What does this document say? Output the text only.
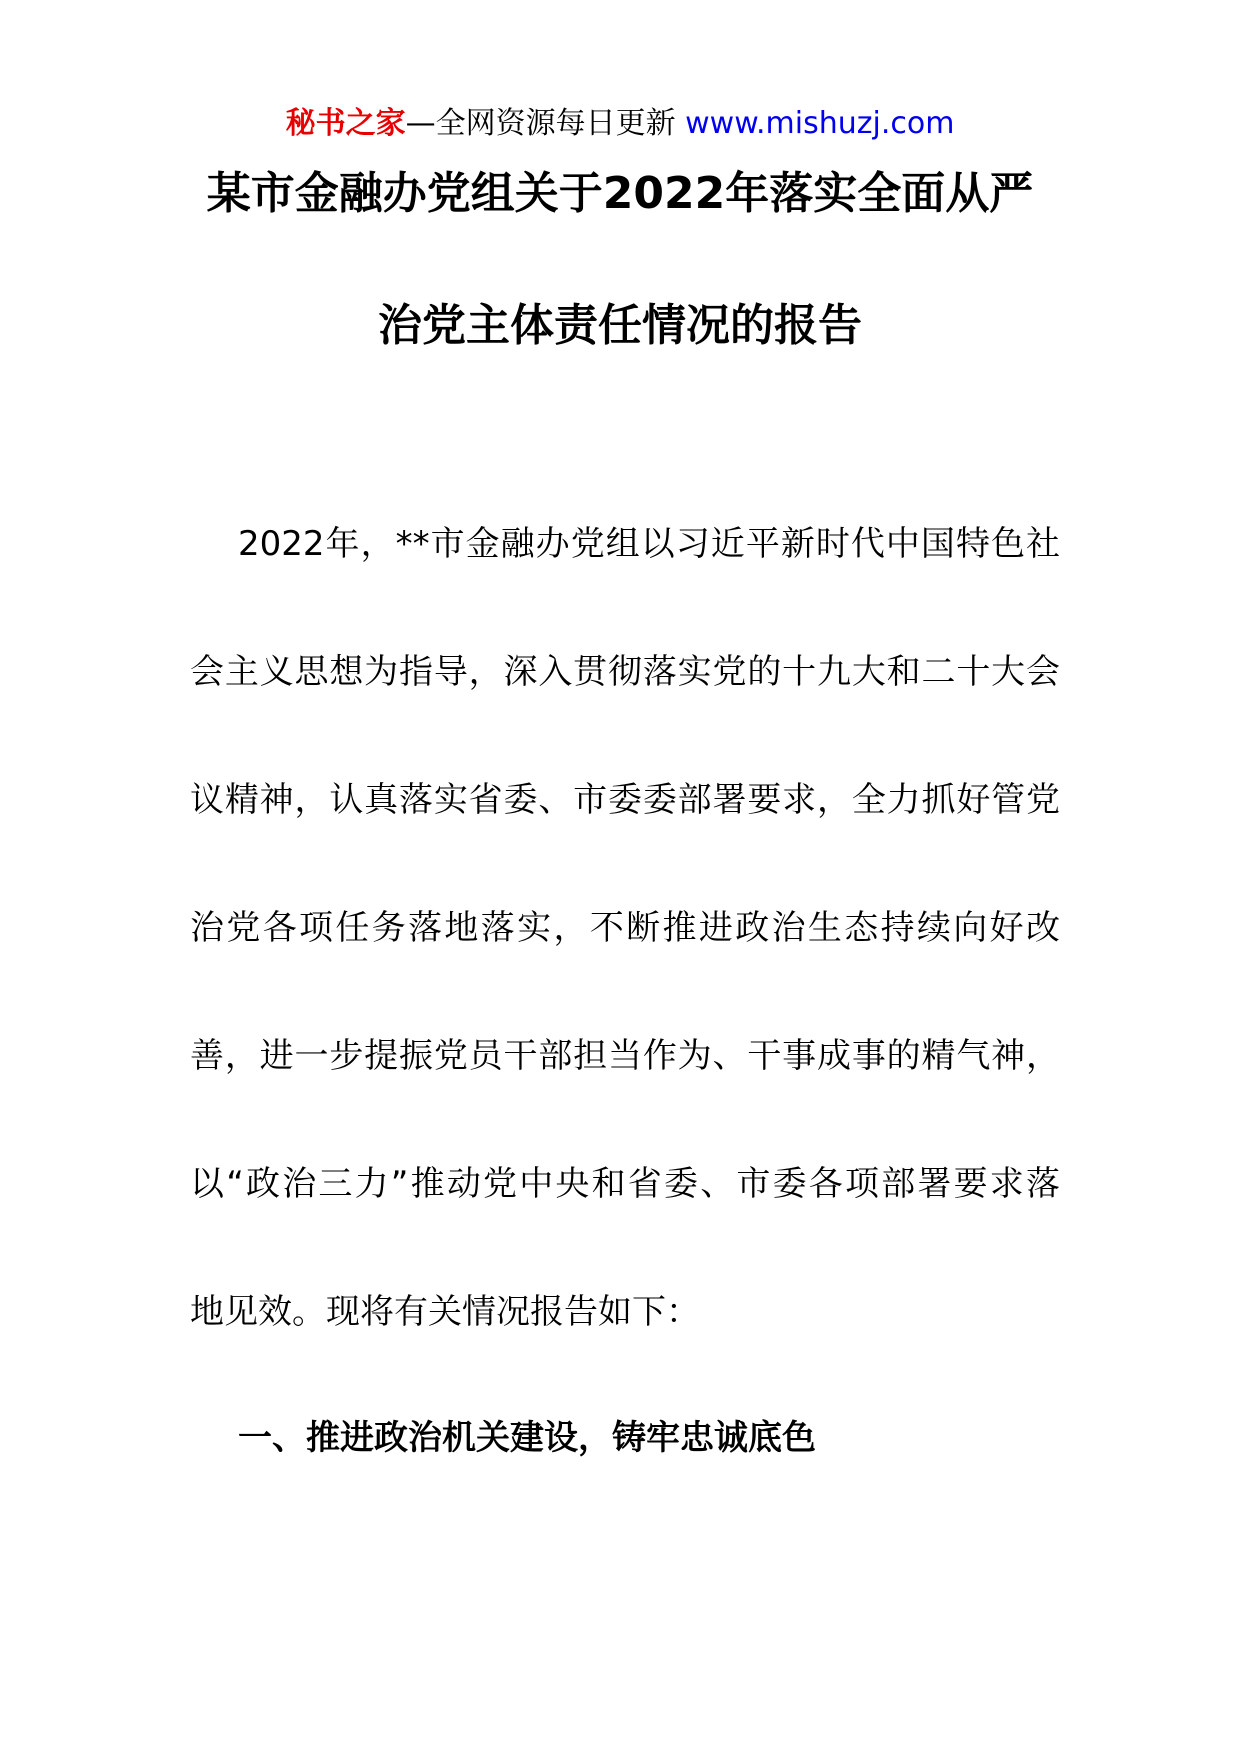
秘书之家—全网资源每日更新 www.mishuzj.com
某市金融办党组关于2022年落实全面从严
治党主体责任情况的报告
2022年，**市金融办党组以习近平新时代中国特色社
会主义思想为指导，深入贯彻落实党的十九大和二十大会
议精神，认真落实省委、市委委部署要求，全力抓好管党
治党各项任务落地落实，不断推进政治生态持续向好改
善，进一步提振党员干部担当作为、干事成事的精气神，
以“政治三力”推动党中央和省委、市委各项部署要求落
地见效。现将有关情况报告如下：
一、推进政治机关建设，铸牢忠诚底色
